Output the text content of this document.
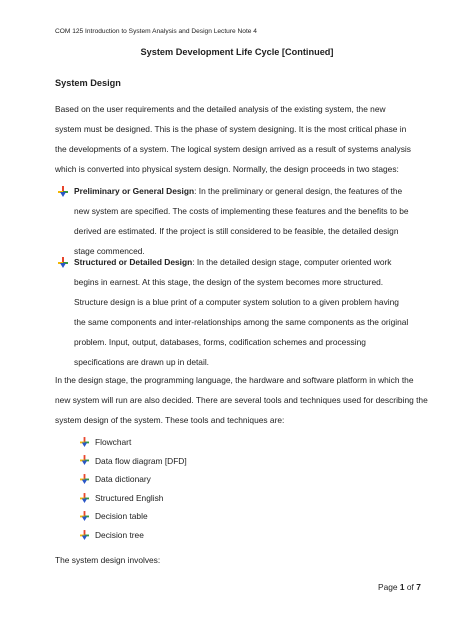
COM 125 Introduction to System Analysis and Design Lecture Note 4
System Development Life Cycle [Continued]
System Design
Based on the user requirements and the detailed analysis of the existing system, the new
system must be designed. This is the phase of system designing. It is the most critical phase in
the developments of a system. The logical system design arrived as a result of systems analysis
which is converted into physical system design. Normally, the design proceeds in two stages:
Preliminary or General Design: In the preliminary or general design, the features of the
new system are specified. The costs of implementing these features and the benefits to be
derived are estimated. If the project is still considered to be feasible, the detailed design
stage commenced.
Structured or Detailed Design: In the detailed design stage, computer oriented work
begins in earnest. At this stage, the design of the system becomes more structured.
Structure design is a blue print of a computer system solution to a given problem having
the same components and inter-relationships among the same components as the original
problem. Input, output, databases, forms, codification schemes and processing
specifications are drawn up in detail.
In the design stage, the programming language, the hardware and software platform in which the
new system will run are also decided. There are several tools and techniques used for describing the
system design of the system. These tools and techniques are:
Flowchart
Data flow diagram [DFD]
Data dictionary
Structured English
Decision table
Decision tree
The system design involves:
Page 1 of 7
